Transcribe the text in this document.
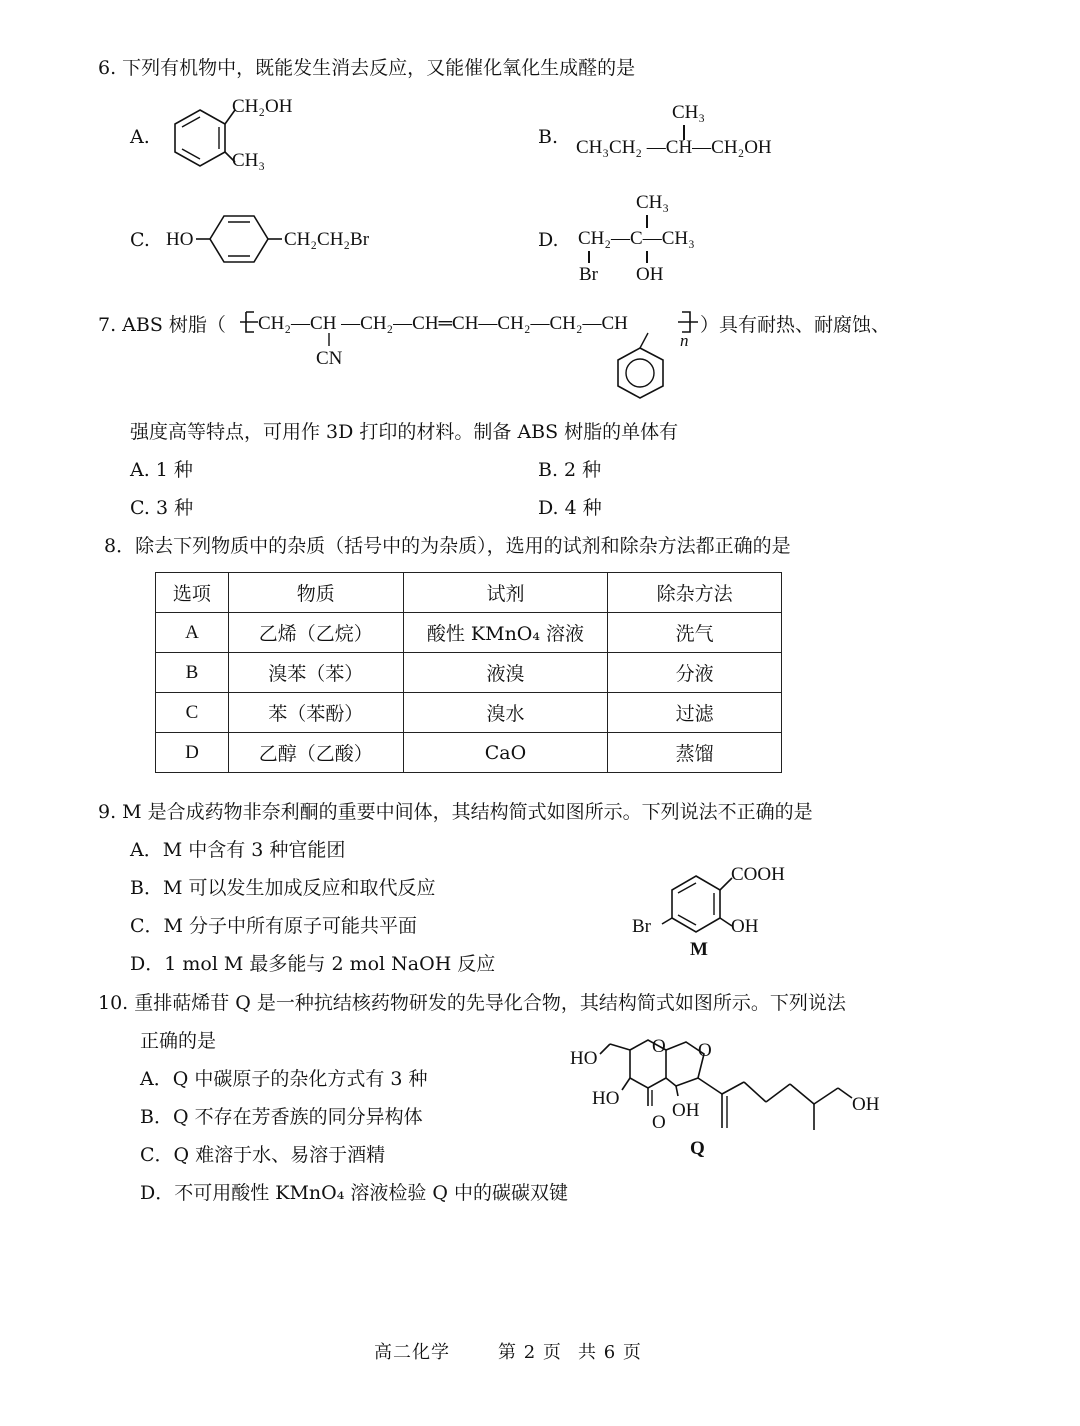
6. 下列有机物中，既能发生消去反应，又能催化氧化生成醛的是
A.
CH₂OH
CH₃
B.
CH₃
CH₃CH₂ —CH—CH₂OH
C. HO	CH₂CH₂Br	D.
CH₃
CH₂—C—CH₃
Br OH
7. ABS 树脂（ CH₂—CH —CH₂—CH═CH—CH₂—CH₂—CH
CN
n
）具有耐热、耐腐蚀、
强度高等特点，可用作 3D 打印的材料。制备 ABS 树脂的单体有
A. 1 种	B. 2 种
C. 3 种	D. 4 种
8．除去下列物质中的杂质（括号中的为杂质），选用的试剂和除杂方法都正确的是
选项	物质	试剂	除杂方法
A	乙烯（乙烷）	酸性 KMnO₄ 溶液	洗气
B	溴苯（苯）	液溴	分液
C	苯（苯酚）	溴水	过滤
D	乙醇（乙酸）	CaO	蒸馏
9. M 是合成药物非奈利酮的重要中间体，其结构简式如图所示。下列说法不正确的是
A．M 中含有 3 种官能团
B．M 可以发生加成反应和取代反应
C．M 分子中所有原子可能共平面
D．1 mol M 最多能与 2 mol NaOH 反应
COOH
OH
Br
M
10. 重排萜烯苷 Q 是一种抗结核药物研发的先导化合物，其结构简式如图所示。下列说法
正确的是
A．Q 中碳原子的杂化方式有 3 种
B．Q 不存在芳香族的同分异构体
C．Q 难溶于水、易溶于酒精
D．不可用酸性 KMnO₄ 溶液检验 Q 中的碳碳双键
HO
O O
HO
OH
O
OH
Q
高二化学	第 2 页 共 6 页
